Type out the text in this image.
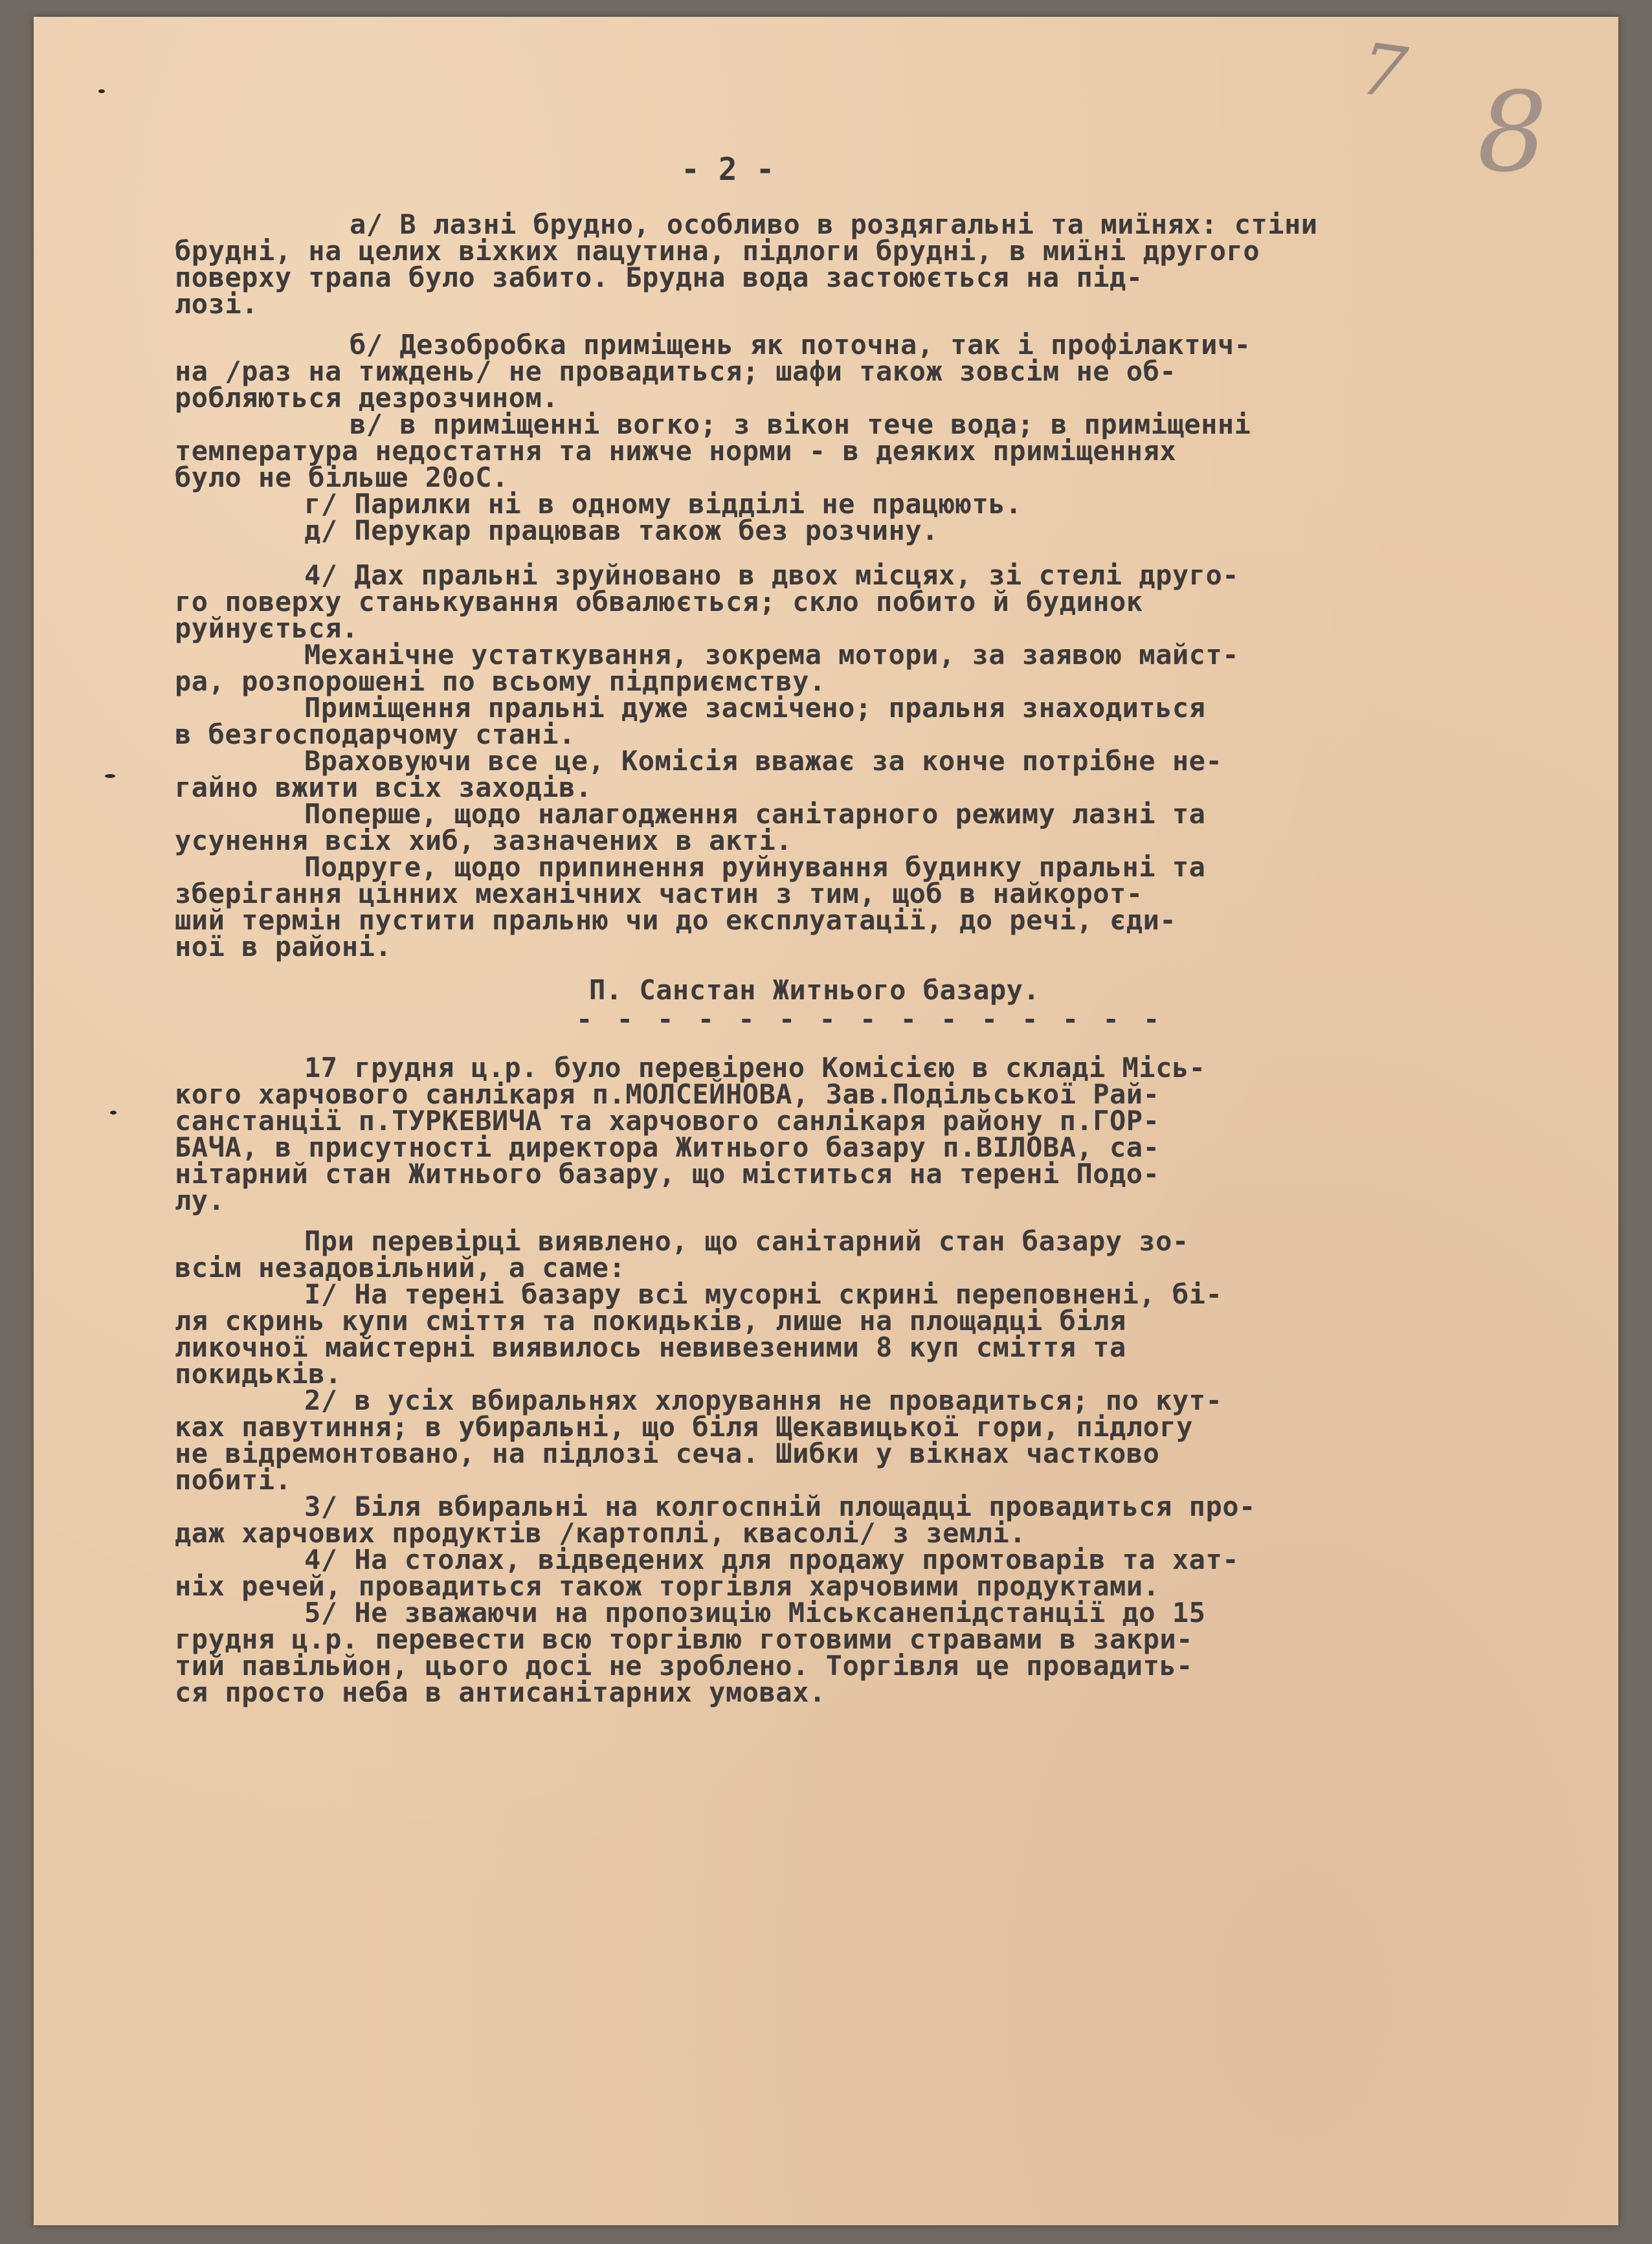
7 8
- 2 -

а/ В лазні брудно, особливо в роздягальні та миїнях: стіни

брудні, на целих віхких пацутина, підлоги брудні, в миїні другого

поверху трапа було забито. Брудна вода застоюється на під-

лозі.

б/ Дезобробка приміщень як поточна, так і профілактич-

на /раз на тиждень/ не провадиться; шафи також зовсім не об-

робляються дезрозчином.

в/ в приміщенні вогко; з вікон тече вода; в приміщенні

температура недостатня та нижче норми - в деяких приміщеннях

було не більше 20оС.

г/ Парилки ні в одному відділі не працюють.

д/ Перукар працював також без розчину.

4/ Дах пральні зруйновано в двох місцях, зі стелі друго-

го поверху станькування обвалюється; скло побито й будинок

руйнується.

Механічне устаткування, зокрема мотори, за заявою майст-

ра, розпорошені по всьому підприємству.

Приміщення пральні дуже засмічено; пральня знаходиться

в безгосподарчому стані.

Враховуючи все це, Комісія вважає за конче потрібне не-

гайно вжити всіх заходів.

Поперше, щодо налагодження санітарного режиму лазні та

усунення всіх хиб, зазначених в акті.

Подруге, щодо припинення руйнування будинку пральні та

зберігання цінних механічних частин з тим, щоб в найкорот-

ший термін пустити пральню чи до експлуатації, до речі, єди-

ної в районі.

П. Санстан Житнього базару.

- - - - - - - - - - - - - - -

17 грудня ц.р. було перевірено Комісією в складі Місь-

кого харчового санлікаря п.МОЛСЕЙНОВА, Зав.Подільської Рай-

санстанції п.ТУРКЕВИЧА та харчового санлікаря району п.ГОР-

БАЧА, в присутності директора Житнього базару п.ВІЛОВА, са-

нітарний стан Житнього базару, що міститься на терені Подо-

лу.

При перевірці виявлено, що санітарний стан базару зо-

всім незадовільний, а саме:

І/ На терені базару всі мусорні скрині переповнені, бі-

ля скринь купи сміття та покидьків, лише на площадці біля

ликочної майстерні виявилось невивезеними 8 куп сміття та

покидьків.

2/ в усіх вбиральнях хлорування не провадиться; по кут-

ках павутиння; в убиральні, що біля Щекавицької гори, підлогу

не відремонтовано, на підлозі сеча. Шибки у вікнах частково

побиті.

3/ Біля вбиральні на колгоспній площадці провадиться про-

даж харчових продуктів /картоплі, квасолі/ з землі.

4/ На столах, відведених для продажу промтоварів та хат-

ніх речей, провадиться також торгівля харчовими продуктами.

5/ Не зважаючи на пропозицію Міськсанепідстанції до 15

грудня ц.р. перевести всю торгівлю готовими стравами в закри-

тий павільйон, цього досі не зроблено. Торгівля це провадить-

ся просто неба в антисанітарних умовах.
